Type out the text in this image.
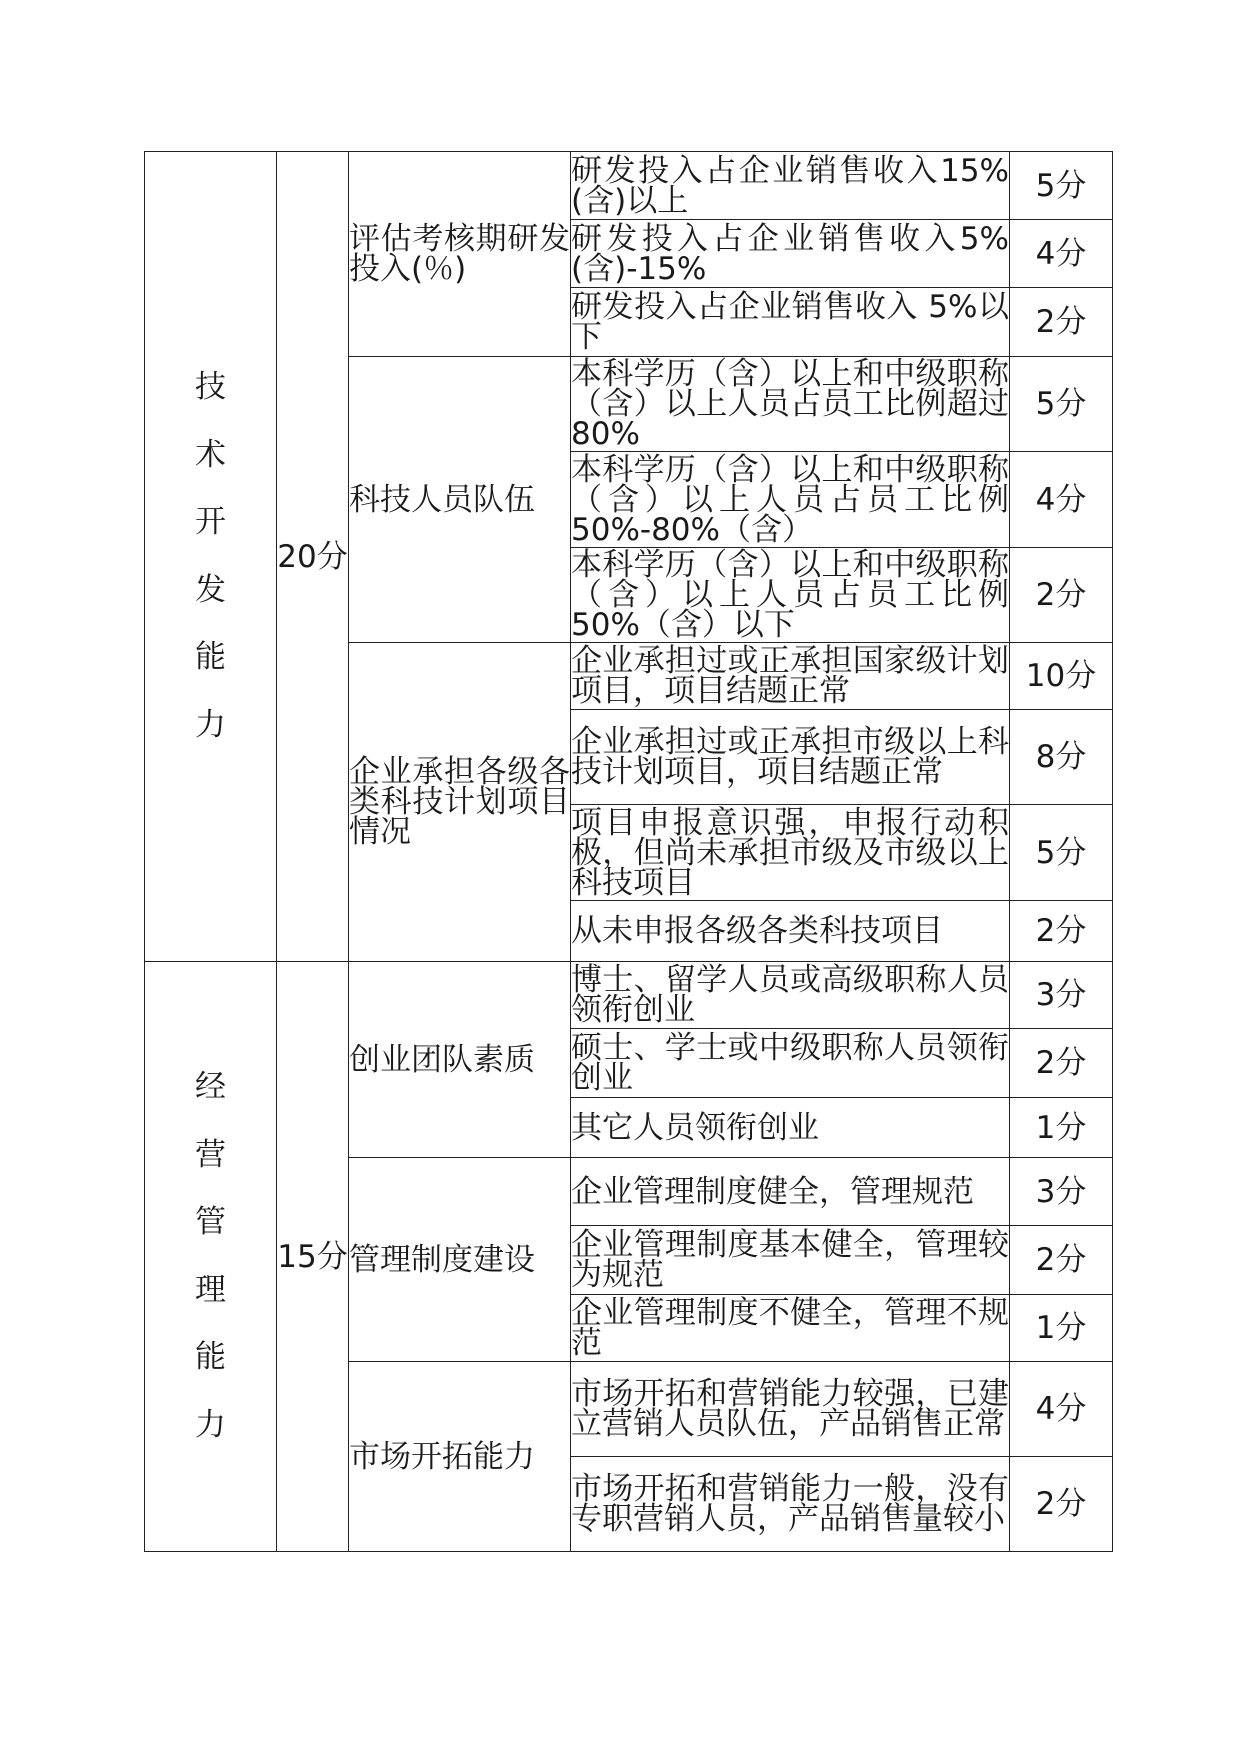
技术开发能力	20分	评估考核期研发投入(％)	研发投入占企业销售收入15%(含)以上	5分
			研发投入占企业销售收入5%(含)-15%	4分
			研发投入占企业销售收入 5%以下	2分
		科技人员队伍	本科学历（含）以上和中级职称（含）以上人员占员工比例超过 80%	5分
			本科学历（含）以上和中级职称（含）以上人员占员工比例50%-80%（含）	4分
			本科学历（含）以上和中级职称（含）以上人员占员工比例50%（含）以下	2分
		企业承担各级各类科技计划项目情况	企业承担过或正承担国家级计划项目，项目结题正常	10分
			企业承担过或正承担市级以上科技计划项目，项目结题正常	8分
			项目申报意识强，申报行动积极，但尚未承担市级及市级以上科技项目	5分
			从未申报各级各类科技项目	2分
经营管理能力	15分	创业团队素质	博士、留学人员或高级职称人员领衔创业	3分
			硕士、学士或中级职称人员领衔创业	2分
			其它人员领衔创业	1分
		管理制度建设	企业管理制度健全，管理规范	3分
			企业管理制度基本健全，管理较为规范	2分
			企业管理制度不健全，管理不规范	1分
		市场开拓能力	市场开拓和营销能力较强，已建立营销人员队伍，产品销售正常	4分
			市场开拓和营销能力一般，没有专职营销人员，产品销售量较小	2分
